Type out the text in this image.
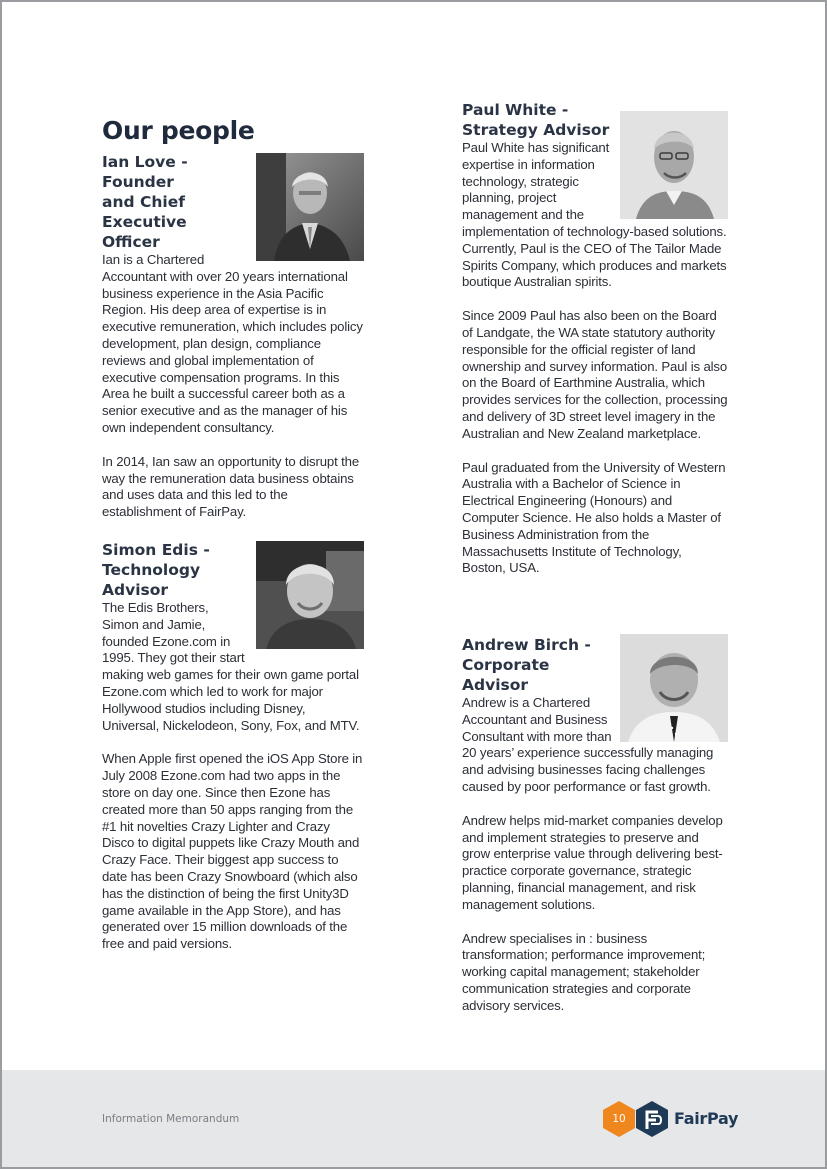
Our people
Ian Love - Founder
and Chief
Executive Officer

Ian is a Chartered Accountant with over 20 years international business experience in the Asia Pacific Region. His deep area of expertise is in executive remuneration, which includes policy development, plan design, compliance reviews and global implementation of executive compensation programs. In this Area he built a successful career both as a senior executive and as the manager of his own independent consultancy.

In 2014, Ian saw an opportunity to disrupt the way the remuneration data business obtains and uses data and this led to the establishment of FairPay.

Simon Edis -
Technology
Advisor

The Edis Brothers, Simon and Jamie, founded Ezone.com in 1995. They got their start making web games for their own game portal Ezone.com which led to work for major Hollywood studios including Disney, Universal, Nickelodeon, Sony, Fox, and MTV.

When Apple first opened the iOS App Store in July 2008 Ezone.com had two apps in the store on day one. Since then Ezone has created more than 50 apps ranging from the #1 hit novelties Crazy Lighter and Crazy Disco to digital puppets like Crazy Mouth and Crazy Face. Their biggest app success to date has been Crazy Snowboard (which also has the distinction of being the first Unity3D game available in the App Store), and has generated over 15 million downloads of the free and paid versions.

Paul White -
Strategy Advisor

Paul White has significant expertise in information technology, strategic planning, project management and the implementation of technology-based solutions. Currently, Paul is the CEO of The Tailor Made Spirits Company, which produces and markets boutique Australian spirits.

Since 2009 Paul has also been on the Board of Landgate, the WA state statutory authority responsible for the official register of land ownership and survey information. Paul is also on the Board of Earthmine Australia, which provides services for the collection, processing and delivery of 3D street level imagery in the Australian and New Zealand marketplace.

Paul graduated from the University of Western Australia with a Bachelor of Science in Electrical Engineering (Honours) and Computer Science. He also holds a Master of Business Administration from the Massachusetts Institute of Technology, Boston, USA.

Andrew Birch -
Corporate Advisor

Andrew is a Chartered Accountant and Business Consultant with more than 20 years’ experience successfully managing and advising businesses facing challenges caused by poor performance or fast growth.

Andrew helps mid-market companies develop and implement strategies to preserve and grow enterprise value through delivering best-practice corporate governance, strategic planning, financial management, and risk management solutions.

Andrew specialises in : business transformation; performance improvement; working capital management; stakeholder communication strategies and corporate advisory services.

Information Memorandum	10	FairPay
